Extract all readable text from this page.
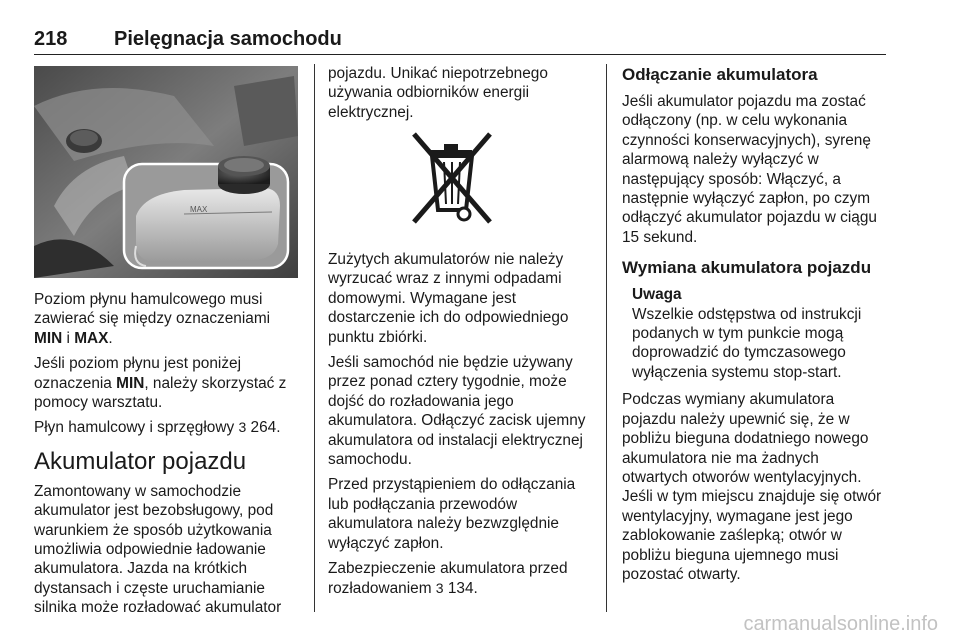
218 Pielęgnacja samochodu
MAX

Poziom płynu hamulcowego musi zawierać się między oznaczeniami MIN i MAX.

Jeśli poziom płynu jest poniżej oznaczenia MIN, należy skorzystać z pomocy warsztatu.

Płyn hamulcowy i sprzęgłowy 3 264.

Akumulator pojazdu

Zamontowany w samochodzie akumulator jest bezobsługowy, pod warunkiem że sposób użytkowania umożliwia odpowiednie ładowanie akumulatora. Jazda na krótkich dystansach i częste uruchamianie silnika może rozładować akumulator

pojazdu. Unikać niepotrzebnego używania odbiorników energii elektrycznej.

Zużytych akumulatorów nie należy wyrzucać wraz z innymi odpadami domowymi. Wymagane jest dostarczenie ich do odpowiedniego punktu zbiórki.

Jeśli samochód nie będzie używany przez ponad cztery tygodnie, może dojść do rozładowania jego akumulatora. Odłączyć zacisk ujemny akumulatora od instalacji elektrycznej samochodu.

Przed przystąpieniem do odłączania lub podłączania przewodów akumulatora należy bezwzględnie wyłączyć zapłon.

Zabezpieczenie akumulatora przed rozładowaniem 3 134.

Odłączanie akumulatora

Jeśli akumulator pojazdu ma zostać odłączony (np. w celu wykonania czynności konserwacyjnych), syrenę alarmową należy wyłączyć w następujący sposób: Włączyć, a następnie wyłączyć zapłon, po czym odłączyć akumulator pojazdu w ciągu 15 sekund.

Wymiana akumulatora pojazdu
Uwaga
Wszelkie odstępstwa od instrukcji podanych w tym punkcie mogą doprowadzić do tymczasowego wyłączenia systemu stop-start.

Podczas wymiany akumulatora pojazdu należy upewnić się, że w pobliżu bieguna dodatniego nowego akumulatora nie ma żadnych otwartych otworów wentylacyjnych. Jeśli w tym miejscu znajduje się otwór wentylacyjny, wymagane jest jego zablokowanie zaślepką; otwór w pobliżu bieguna ujemnego musi pozostać otwarty.

carmanualsonline.info
